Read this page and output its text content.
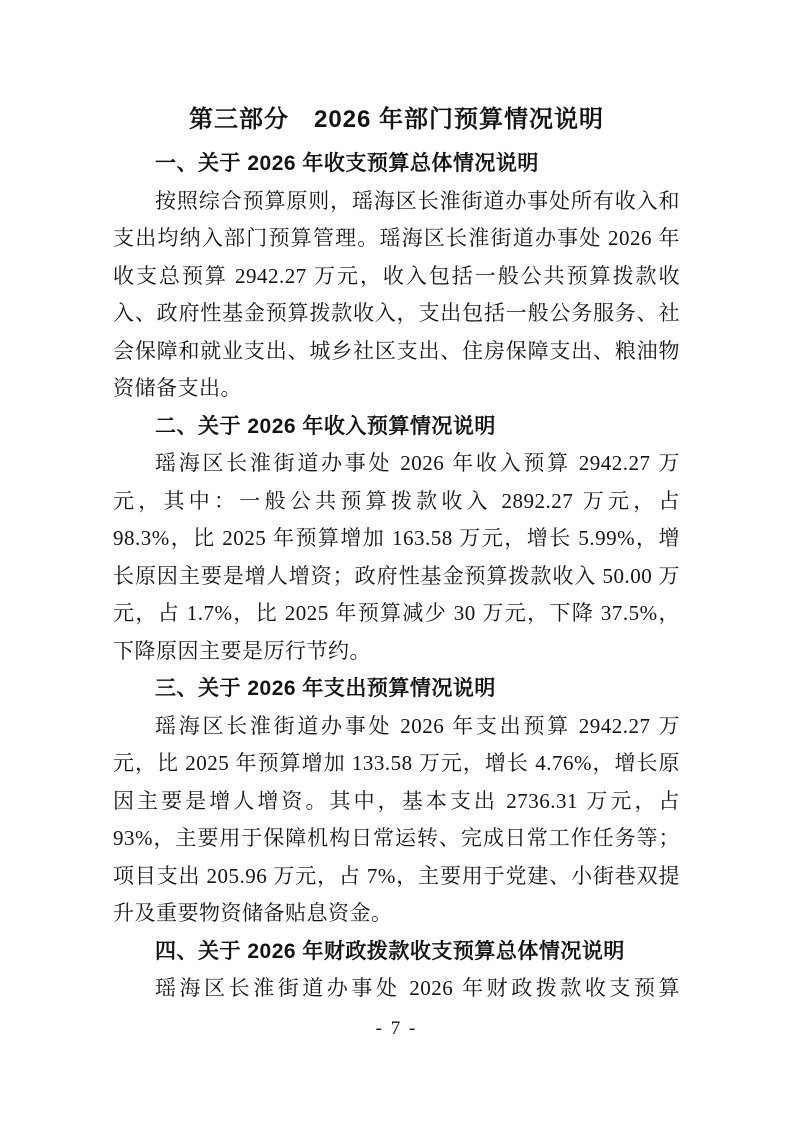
第三部分　2026 年部门预算情况说明
一、关于 2026 年收支预算总体情况说明

按照综合预算原则，瑶海区长淮街道办事处所有收入和支出均纳入部门预算管理。瑶海区长淮街道办事处 2026 年收支总预算 2942.27 万元，收入包括一般公共预算拨款收入、政府性基金预算拨款收入，支出包括一般公务服务、社会保障和就业支出、城乡社区支出、住房保障支出、粮油物资储备支出。

二、关于 2026 年收入预算情况说明

瑶海区长淮街道办事处 2026 年收入预算 2942.27 万元，其中：一般公共预算拨款收入 2892.27 万元，占 98.3%，比 2025 年预算增加 163.58 万元，增长 5.99%，增长原因主要是增人增资；政府性基金预算拨款收入 50.00 万元，占 1.7%，比 2025 年预算减少 30 万元，下降 37.5%，下降原因主要是厉行节约。

三、关于 2026 年支出预算情况说明

瑶海区长淮街道办事处 2026 年支出预算 2942.27 万元，比 2025 年预算增加 133.58 万元，增长 4.76%，增长原因主要是增人增资。其中，基本支出 2736.31 万元，占 93%，主要用于保障机构日常运转、完成日常工作任务等；项目支出 205.96 万元，占 7%，主要用于党建、小街巷双提升及重要物资储备贴息资金。

四、关于 2026 年财政拨款收支预算总体情况说明

瑶海区长淮街道办事处 2026 年财政拨款收支预算

- 7 -
